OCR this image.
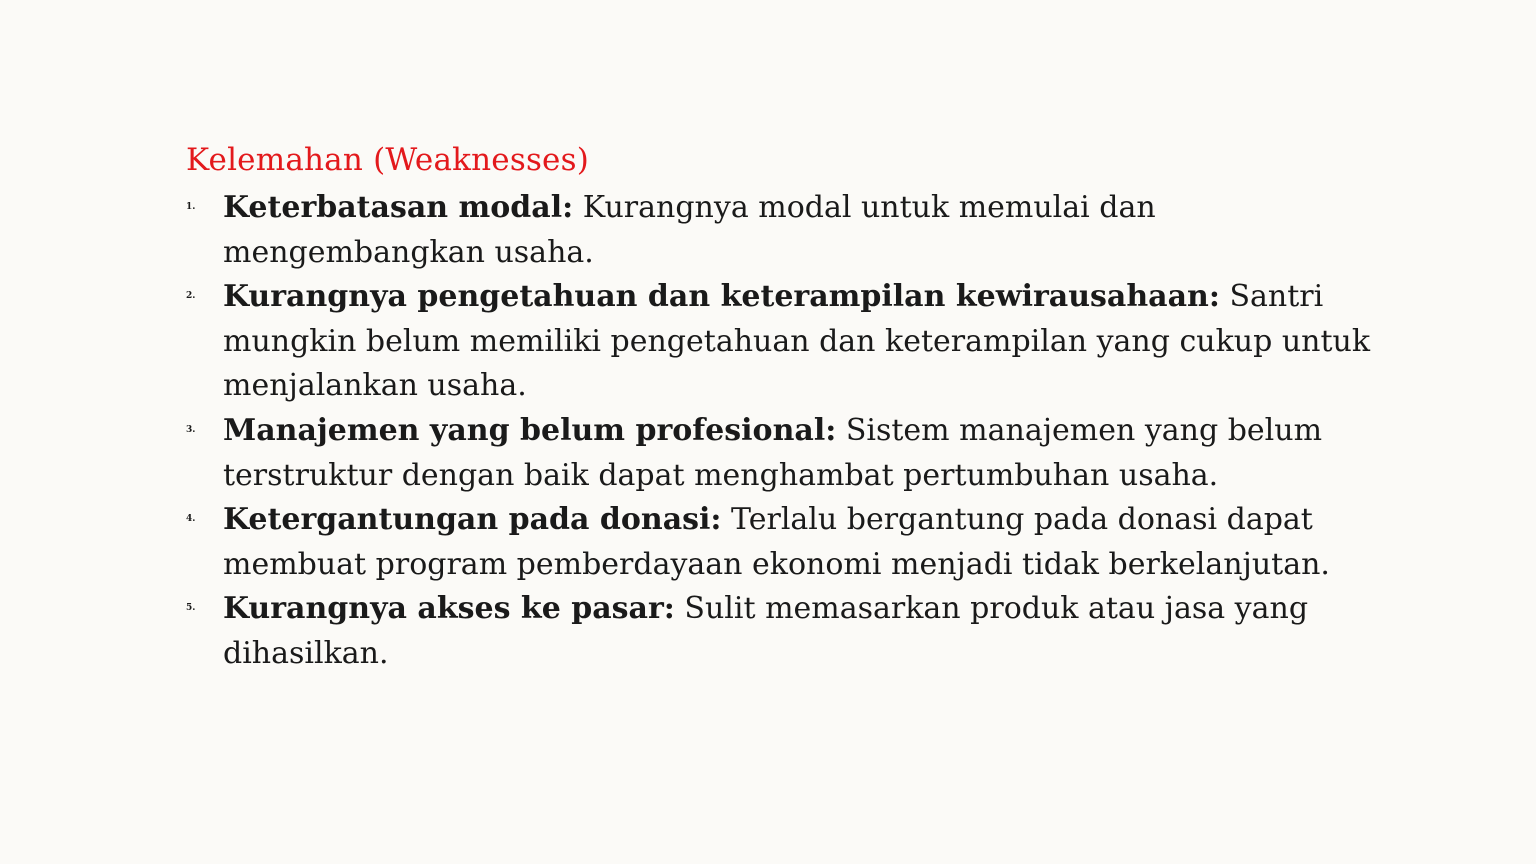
Kelemahan (Weaknesses)
1. Keterbatasan modal: Kurangnya modal untuk memulai dan mengembangkan usaha.
2. Kurangnya pengetahuan dan keterampilan kewirausahaan: Santri mungkin belum memiliki pengetahuan dan keterampilan yang cukup untuk menjalankan usaha.
3. Manajemen yang belum profesional: Sistem manajemen yang belum terstruktur dengan baik dapat menghambat pertumbuhan usaha.
4. Ketergantungan pada donasi: Terlalu bergantung pada donasi dapat membuat program pemberdayaan ekonomi menjadi tidak berkelanjutan.
5. Kurangnya akses ke pasar: Sulit memasarkan produk atau jasa yang dihasilkan.
